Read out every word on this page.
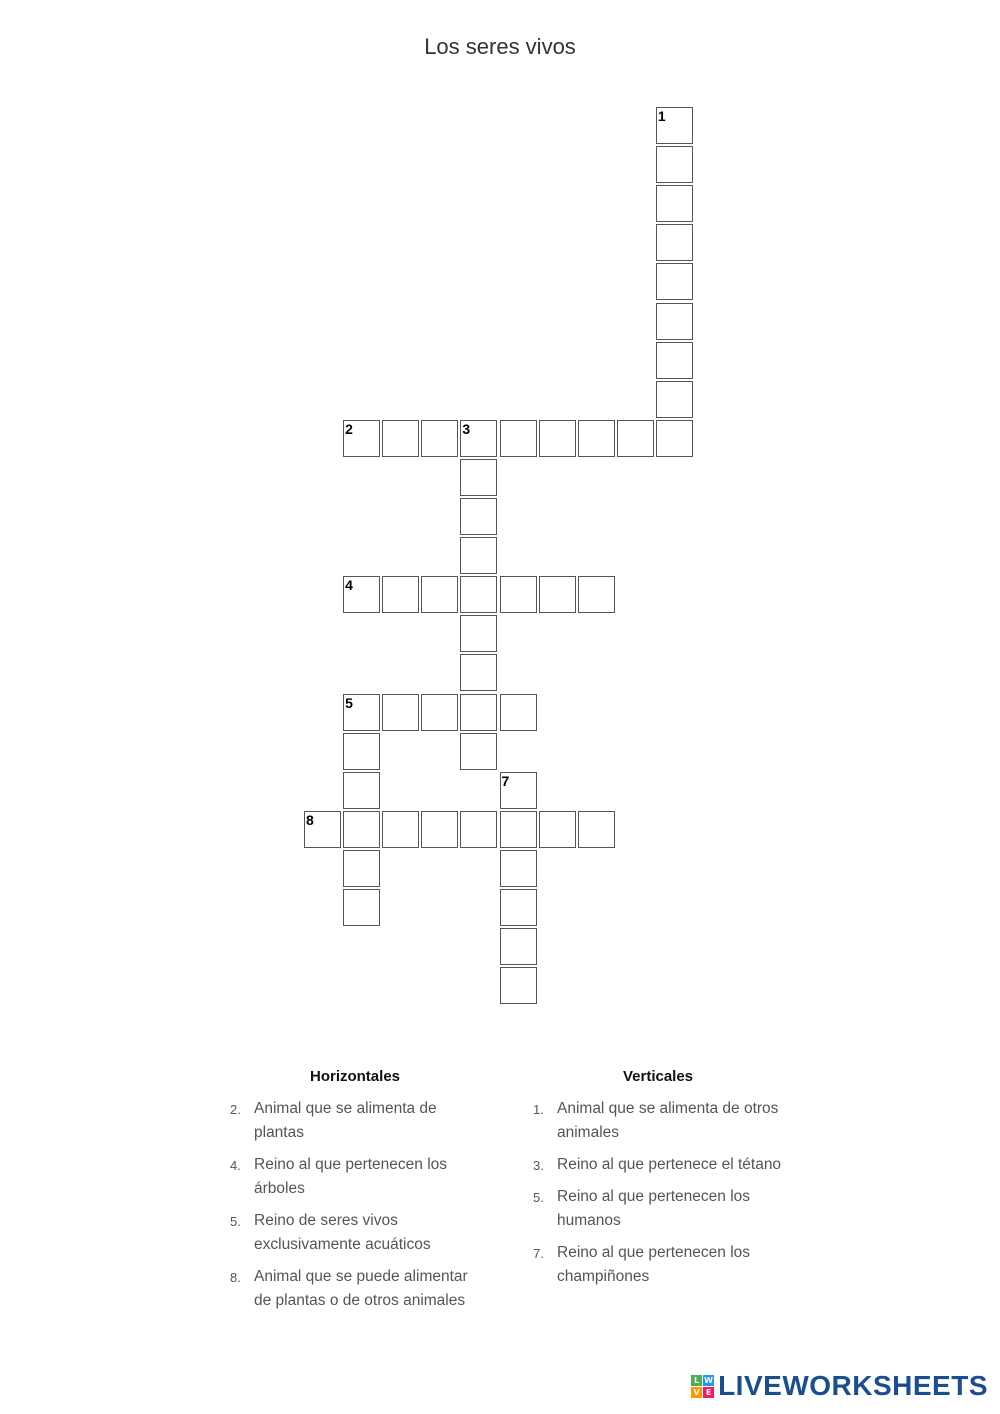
Los seres vivos
1
2	3
4
5
7
8
Horizontales
2. Animal que se alimenta de plantas
4. Reino al que pertenecen los árboles
5. Reino de seres vivos exclusivamente acuáticos
8. Animal que se puede alimentar de plantas o de otros animales
Verticales
1. Animal que se alimenta de otros animales
3. Reino al que pertenece el tétano
5. Reino al que pertenecen los humanos
7. Reino al que pertenecen los champiñones
L W
V E LIVEWORKSHEETS
